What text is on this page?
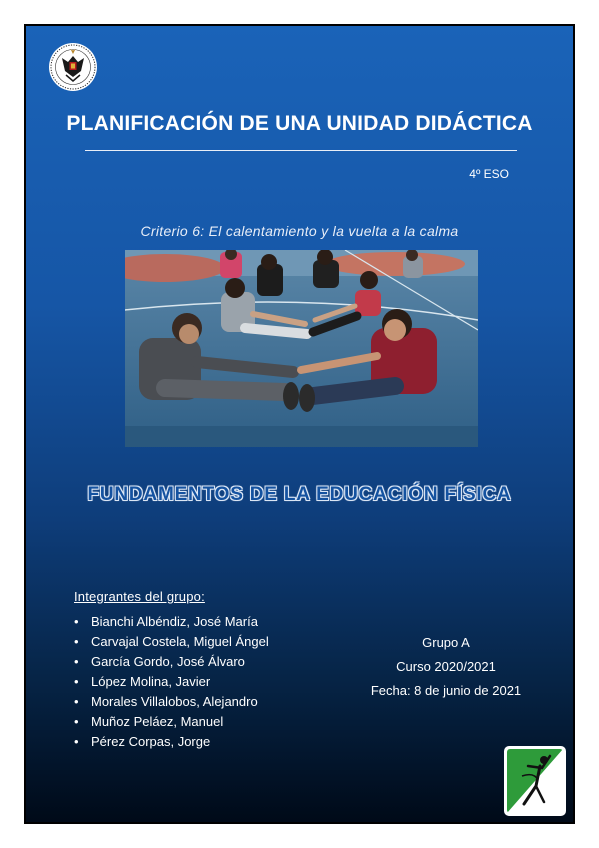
PLANIFICACIÓN DE UNA UNIDAD DIDÁCTICA
4º ESO
Criterio 6: El calentamiento y la vuelta a la calma
FUNDAMENTOS DE LA EDUCACIÓN FÍSICA
Integrantes del grupo:
• Bianchi Albéndiz, José María
• Carvajal Costela, Miguel Ángel
• García Gordo, José Álvaro
• López Molina, Javier
• Morales Villalobos, Alejandro
• Muñoz Peláez, Manuel
• Pérez Corpas, Jorge
Grupo A
Curso 2020/2021
Fecha: 8 de junio de 2021
